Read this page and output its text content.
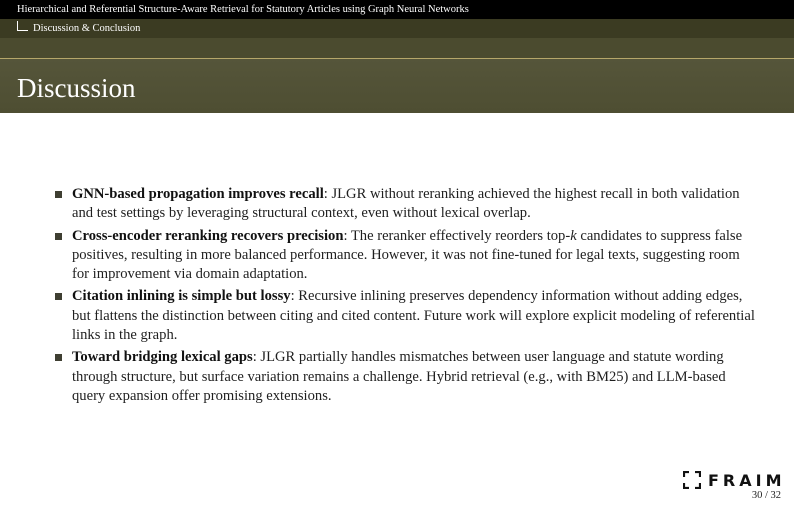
Hierarchical and Referential Structure-Aware Retrieval for Statutory Articles using Graph Neural Networks
Discussion & Conclusion
Discussion
GNN-based propagation improves recall: JLGR without reranking achieved the highest recall in both validation and test settings by leveraging structural context, even without lexical overlap.
Cross-encoder reranking recovers precision: The reranker effectively reorders top-k candidates to suppress false positives, resulting in more balanced performance. However, it was not fine-tuned for legal texts, suggesting room for improvement via domain adaptation.
Citation inlining is simple but lossy: Recursive inlining preserves dependency information without adding edges, but flattens the distinction between citing and cited content. Future work will explore explicit modeling of referential links in the graph.
Toward bridging lexical gaps: JLGR partially handles mismatches between user language and statute wording through structure, but surface variation remains a challenge. Hybrid retrieval (e.g., with BM25) and LLM-based query expansion offer promising extensions.
FRAIM
30 / 32
